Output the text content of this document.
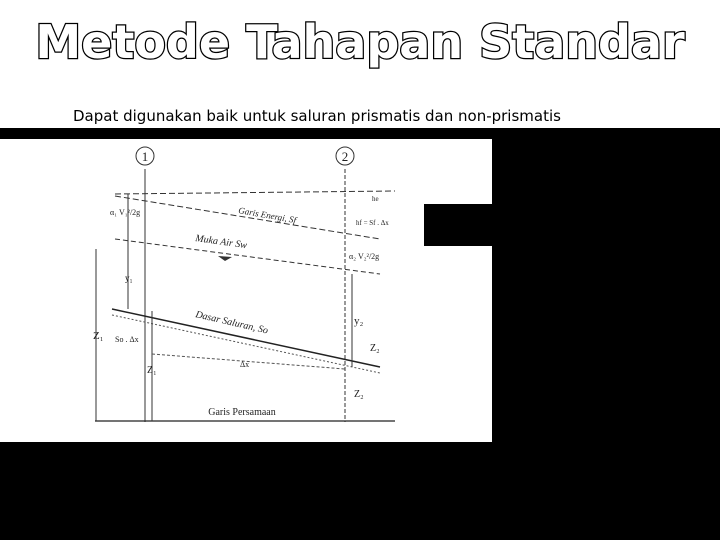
Metode Tahapan Standar
Dapat digunakan baik untuk saluran prismatis dan non-prismatis
1	2
Garis Energi, Sf
Muka Air Sw
Dasar Saluran, So
Garis Persamaan
Z₁
α₁ V₁²/2g
y₁
Z₁
So . Δx
he
hf = Sf . Δx
α₂ V₂²/2g
y₂
Z₂
Z₂
Δx
